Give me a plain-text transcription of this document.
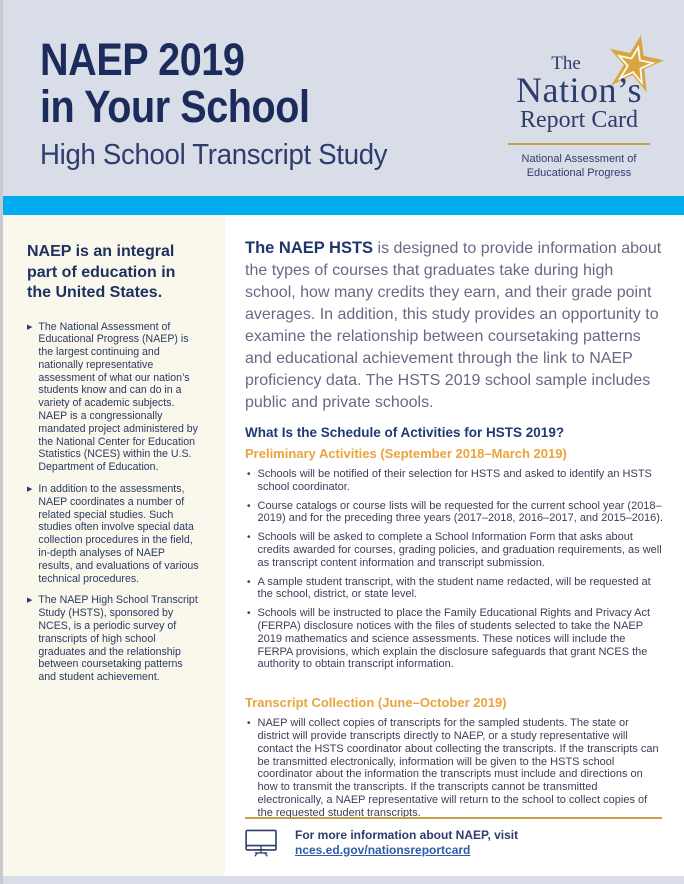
NAEP 2019
in Your School
High School Transcript Study
The
Nation’s
Report Card
National Assessment of
Educational Progress
NAEP is an integral part of education in the United States.
▶ The National Assessment of Educational Progress (NAEP) is the largest continuing and nationally representative assessment of what our nation’s students know and can do in a variety of academic subjects. NAEP is a congressionally mandated project administered by the National Center for Education Statistics (NCES) within the U.S. Department of Education.

▶ In addition to the assessments, NAEP coordinates a number of related special studies. Such studies often involve special data collection procedures in the field, in-depth analyses of NAEP results, and evaluations of various technical procedures.

▶ The NAEP High School Transcript Study (HSTS), sponsored by NCES, is a periodic survey of transcripts of high school graduates and the relationship between coursetaking patterns and student achievement.

The NAEP HSTS is designed to provide information about the types of courses that graduates take during high school, how many credits they earn, and their grade point averages. In addition, this study provides an opportunity to examine the relationship between coursetaking patterns and educational achievement through the link to NAEP proficiency data. The HSTS 2019 school sample includes public and private schools.

What Is the Schedule of Activities for HSTS 2019?
Preliminary Activities (September 2018–March 2019)
• Schools will be notified of their selection for HSTS and asked to identify an HSTS school coordinator.

• Course catalogs or course lists will be requested for the current school year (2018–2019) and for the preceding three years (2017–2018, 2016–2017, and 2015–2016).

• Schools will be asked to complete a School Information Form that asks about credits awarded for courses, grading policies, and graduation requirements, as well as transcript content information and transcript submission.

• A sample student transcript, with the student name redacted, will be requested at the school, district, or state level.

• Schools will be instructed to place the Family Educational Rights and Privacy Act (FERPA) disclosure notices with the files of students selected to take the NAEP 2019 mathematics and science assessments. These notices will include the FERPA provisions, which explain the disclosure safeguards that grant NCES the authority to obtain transcript information.

Transcript Collection (June–October 2019)
• NAEP will collect copies of transcripts for the sampled students. The state or district will provide transcripts directly to NAEP, or a study representative will contact the HSTS coordinator about collecting the transcripts. If the transcripts can be transmitted electronically, information will be given to the HSTS school coordinator about the information the transcripts must include and directions on how to transmit the transcripts. If the transcripts cannot be transmitted electronically, a NAEP representative will return to the school to collect copies of the requested student transcripts.

For more information about NAEP, visit nces.ed.gov/nationsreportcard
